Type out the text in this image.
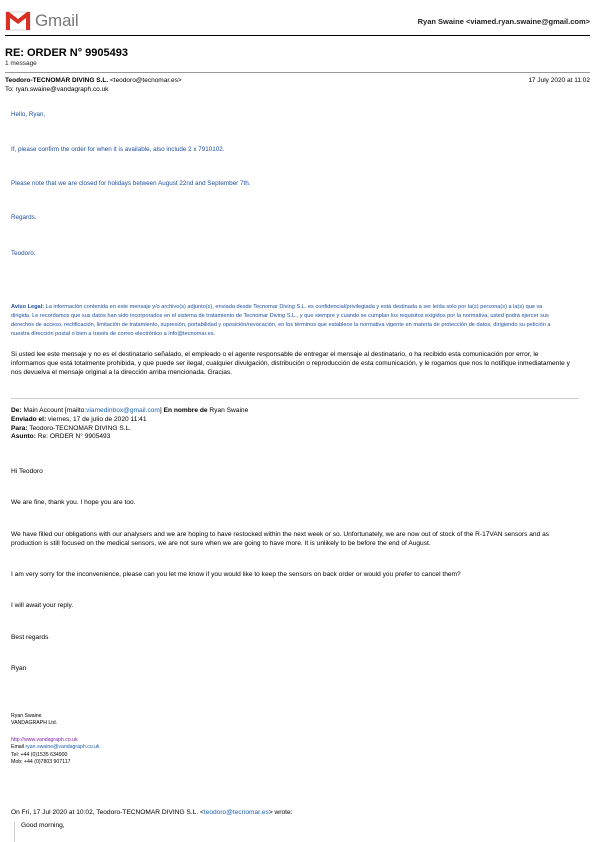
Gmail	Ryan Swaine <viamed.ryan.swaine@gmail.com>
RE: ORDER N° 9905493
1 message
Teodoro-TECNOMAR DIVING S.L. <teodoro@tecnomar.es>	17 July 2020 at 11:02
To: ryan.swaine@vandagraph.co.uk
Hello, Ryan,
If, please confirm the order for when it is available, also include 2 x 7910102.
Please note that we are closed for holidays between August 22nd and September 7th.
Regards.
Teodoro.
Aviso Legal: La información contenida en este mensaje y/o archivo(s) adjunto(s), enviada desde Tecnomar Diving S.L. es confidencial/privilegiada y está destinada a ser leída solo por la(s) persona(s) a la(s) que va dirigida. Le recordamos que sus datos han sido incorporados en el sistema de tratamiento de Tecnomar Diving S.L., y que siempre y cuando se cumplan los requisitos exigidos por la normativa, usted podrá ejercer sus derechos de acceso, rectificación, limitación de tratamiento, supresión, portabilidad y oposición/revocación, en los términos que establece la normativa vigente en materia de protección de datos, dirigiendo su petición a nuestra dirección postal o bien a través de correo electrónico a info@tecnomar.es.
Si usted lee este mensaje y no es el destinatario señalado, el empleado o el agente responsable de entregar el mensaje al destinatario, o ha recibido esta comunicación por error, le informamos que está totalmente prohibida, y que puede ser ilegal, cualquier divulgación, distribución o reproducción de esta comunicación, y le rogamos que nos lo notifique inmediatamente y nos devuelva el mensaje original a la dirección arriba mencionada. Gracias.
De: Main Account [mailto:viamedinbox@gmail.com] En nombre de Ryan Swaine
Enviado el: viernes, 17 de julio de 2020 11:41
Para: Teodoro-TECNOMAR DIVING S.L.
Asunto: Re: ORDER N° 9905493
Hi Teodoro
We are fine, thank you. I hope you are too.
We have filled our obligations with our analysers and we are hoping to have restocked within the next week or so. Unfortunately, we are now out of stock of the R-17VAN sensors and as production is still focused on the medical sensors, we are not sure when we are going to have more. It is unlikely to be before the end of August.
I am very sorry for the inconvenience, please can you let me know if you would like to keep the sensors on back order or would you prefer to cancel them?
I will await your reply.
Best regards
Ryan
Ryan Swaine
VANDAGRAPH Ltd.
http://www.vandagraph.co.uk
Email ryan.swaine@vandagraph.co.uk
Tel: +44 (0)1535 634900
Mob: +44 (0)7803 907117
On Fri, 17 Jul 2020 at 10:02, Teodoro-TECNOMAR DIVING S.L. <teodoro@tecnomar.es> wrote:
Good morning,
